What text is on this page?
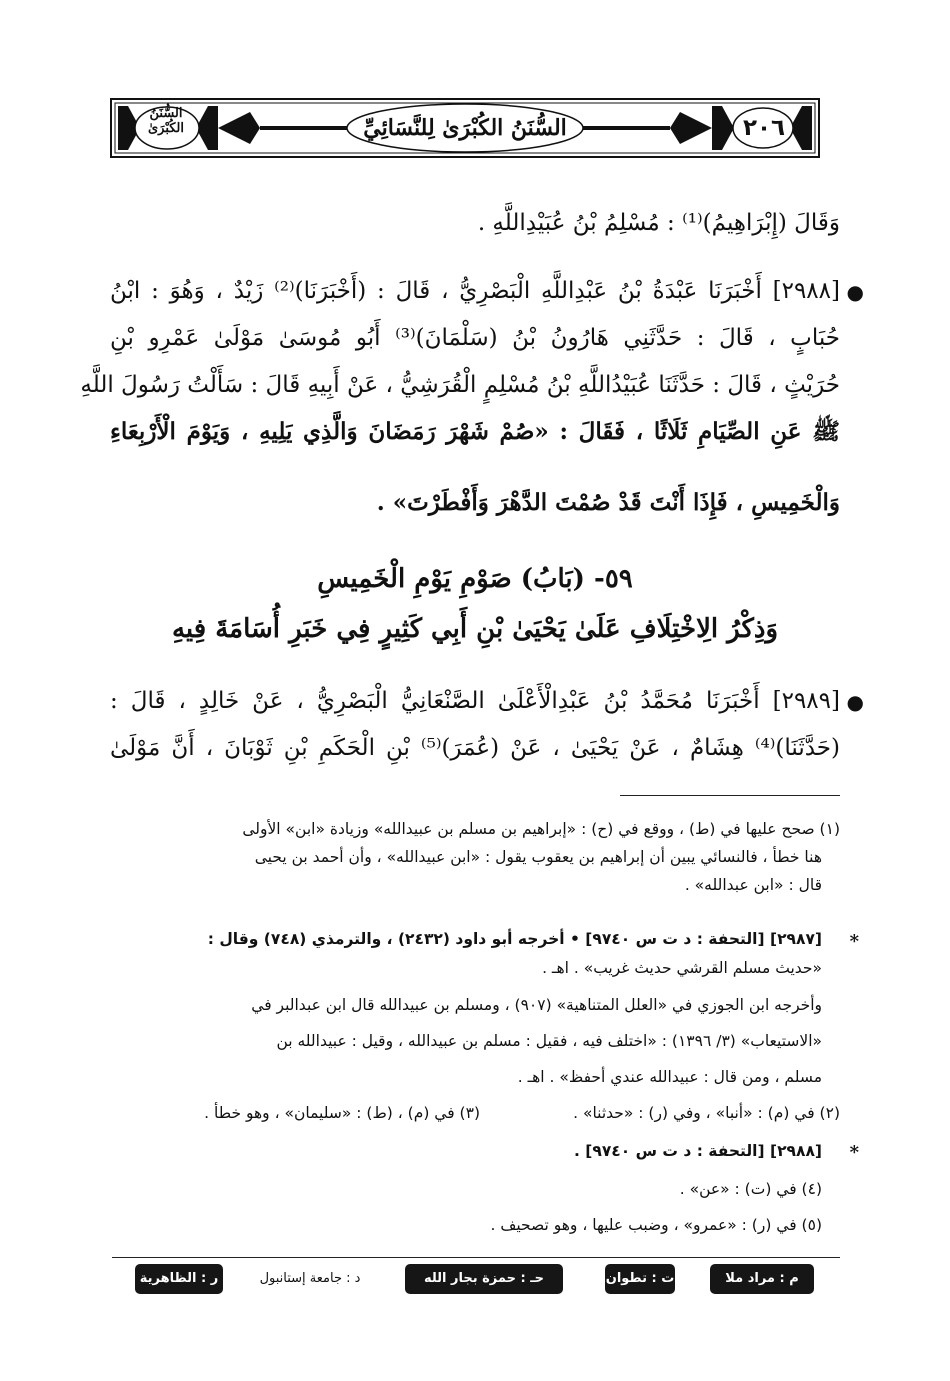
السُّنَنُ الكُبْرَىٰ لِلنَّسَائِيِّ	٢٠٦
السُّنَنُ
الكُبْرَىٰ
وَقَالَ (إِبْرَاهِيمُ)⁽¹⁾ : مُسْلِمُ بْنُ عُبَيْدِاللَّهِ .
●
[٢٩٨٨] أَخْبَرَنَا عَبْدَةُ بْنُ عَبْدِاللَّهِ الْبَصْرِيُّ ، قَالَ : (أَخْبَرَنَا)⁽²⁾ زَيْدٌ ، وَهُوَ : ابْنُ
حُبَابٍ ، قَالَ : حَدَّثَنِي هَارُونُ بْنُ (سَلْمَانَ)⁽³⁾ أَبُو مُوسَىٰ مَوْلَىٰ عَمْرِو بْنِ
حُرَيْثٍ ، قَالَ : حَدَّثَنَا عُبَيْدُاللَّهِ بْنُ مُسْلِمٍ الْقُرَشِيُّ ، عَنْ أَبِيهِ قَالَ : سَأَلْتُ رَسُولَ اللَّهِ
ﷺ عَنِ الصِّيَامِ ثَلَاثًا ، فَقَالَ : «صُمْ شَهْرَ رَمَضَانَ وَالَّذِي يَلِيهِ ، وَيَوْمَ الْأَرْبِعَاءِ
وَالْخَمِيسِ ، فَإِذَا أَنْتَ قَدْ صُمْتَ الدَّهْرَ وَأَفْطَرْتَ» .
٥٩- (بَابُ) صَوْمِ يَوْمِ الْخَمِيسِ
وَذِكْرُ الِاخْتِلَافِ عَلَىٰ يَحْيَىٰ بْنِ أَبِي كَثِيرٍ فِي خَبَرِ أُسَامَةَ فِيهِ
●
[٢٩٨٩] أَخْبَرَنَا مُحَمَّدُ بْنُ عَبْدِالْأَعْلَىٰ الصَّنْعَانِيُّ الْبَصْرِيُّ ، عَنْ خَالِدٍ ، قَالَ :
(حَدَّثَنَا)⁽⁴⁾ هِشَامٌ ، عَنْ يَحْيَىٰ ، عَنْ (عُمَرَ)⁽⁵⁾ بْنِ الْحَكَمِ بْنِ ثَوْبَانَ ، أَنَّ مَوْلَىٰ
(١) صحح عليها في (ط) ، ووقع في (ح) : «إبراهيم بن مسلم بن عبيدالله» وزيادة «ابن» الأولى
هنا خطأ ، فالنسائي يبين أن إبراهيم بن يعقوب يقول : «ابن عبيدالله» ، وأن أحمد بن يحيى
قال : «ابن عبدالله» .
*
[٢٩٨٧] [التحفة : د ت س ٩٧٤٠] • أخرجه أبو داود (٢٤٣٢) ، والترمذي (٧٤٨) وقال :
«حديث مسلم القرشي حديث غريب» . اهـ .
وأخرجه ابن الجوزي في «العلل المتناهية» (٩٠٧) ، ومسلم بن عبيدالله قال ابن عبدالبر في
«الاستيعاب» (٣/ ١٣٩٦) : «اختلف فيه ، فقيل : مسلم بن عبيدالله ، وقيل : عبيدالله بن
مسلم ، ومن قال : عبيدالله عندي أحفظ» . اهـ .
(٢) في (م) : «أنبا» ، وفي (ر) : «حدثنا» .
(٣) في (م) ، (ط) : «سليمان» ، وهو خطأ .
*
[٢٩٨٨] [التحفة : د ت س ٩٧٤٠] .
(٤) في (ت) : «عن» .
(٥) في (ر) : «عمرو» ، وضبب عليها ، وهو تصحيف .
م : مراد ملا
ت : تطوان
حـ : حمزة بجار الله
د : جامعة إستانبول
ر : الظاهرية
